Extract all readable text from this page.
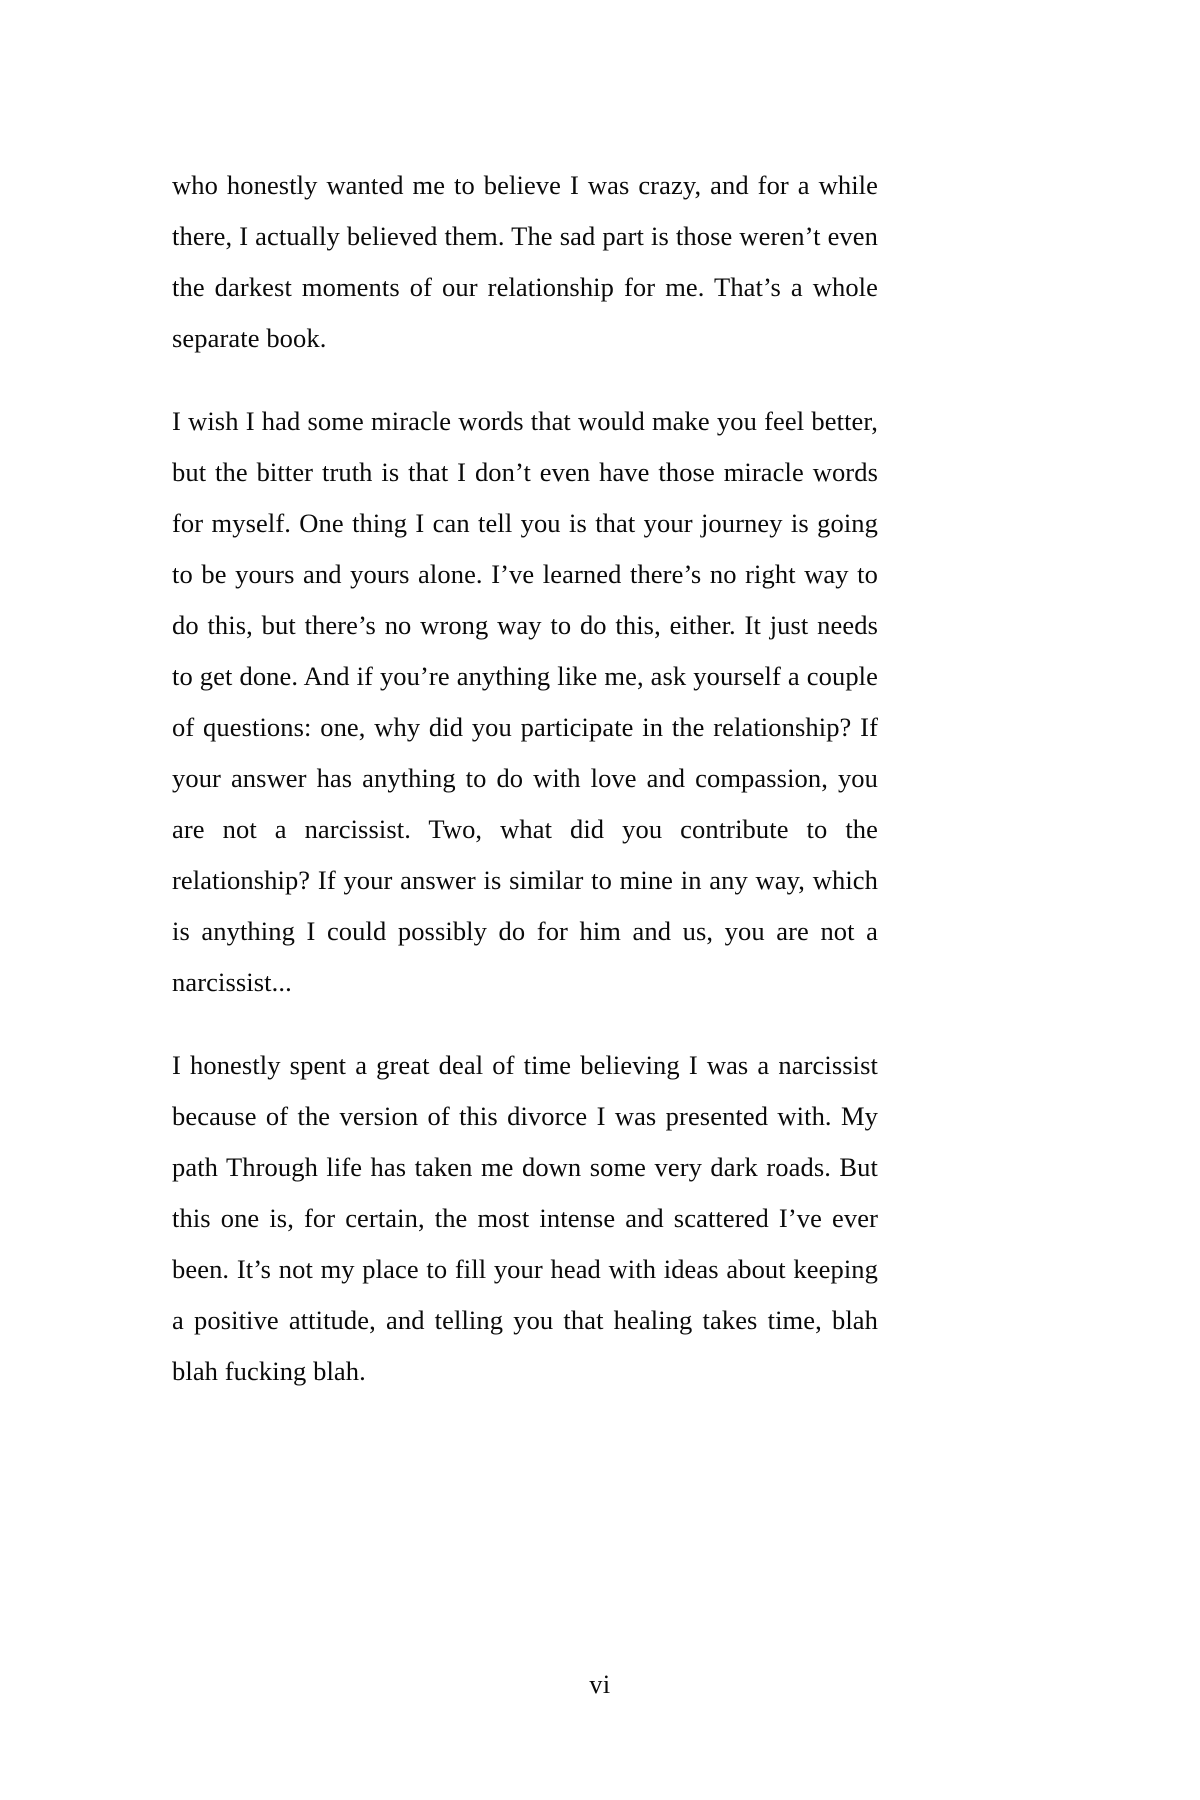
who honestly wanted me to believe I was crazy, and for a while there, I actually believed them. The sad part is those weren’t even the darkest moments of our relationship for me. That’s a whole separate book.

I wish I had some miracle words that would make you feel better, but the bitter truth is that I don’t even have those miracle words for myself. One thing I can tell you is that your journey is going to be yours and yours alone. I’ve learned there’s no right way to do this, but there’s no wrong way to do this, either. It just needs to get done. And if you’re anything like me, ask yourself a couple of questions: one, why did you participate in the relationship? If your answer has anything to do with love and compassion, you are not a narcissist. Two, what did you contribute to the relationship? If your answer is similar to mine in any way, which is anything I could possibly do for him and us, you are not a narcissist...

I honestly spent a great deal of time believing I was a narcissist because of the version of this divorce I was presented with. My path Through life has taken me down some very dark roads. But this one is, for certain, the most intense and scattered I’ve ever been. It’s not my place to fill your head with ideas about keeping a positive attitude, and telling you that healing takes time, blah blah fucking blah.

vi
